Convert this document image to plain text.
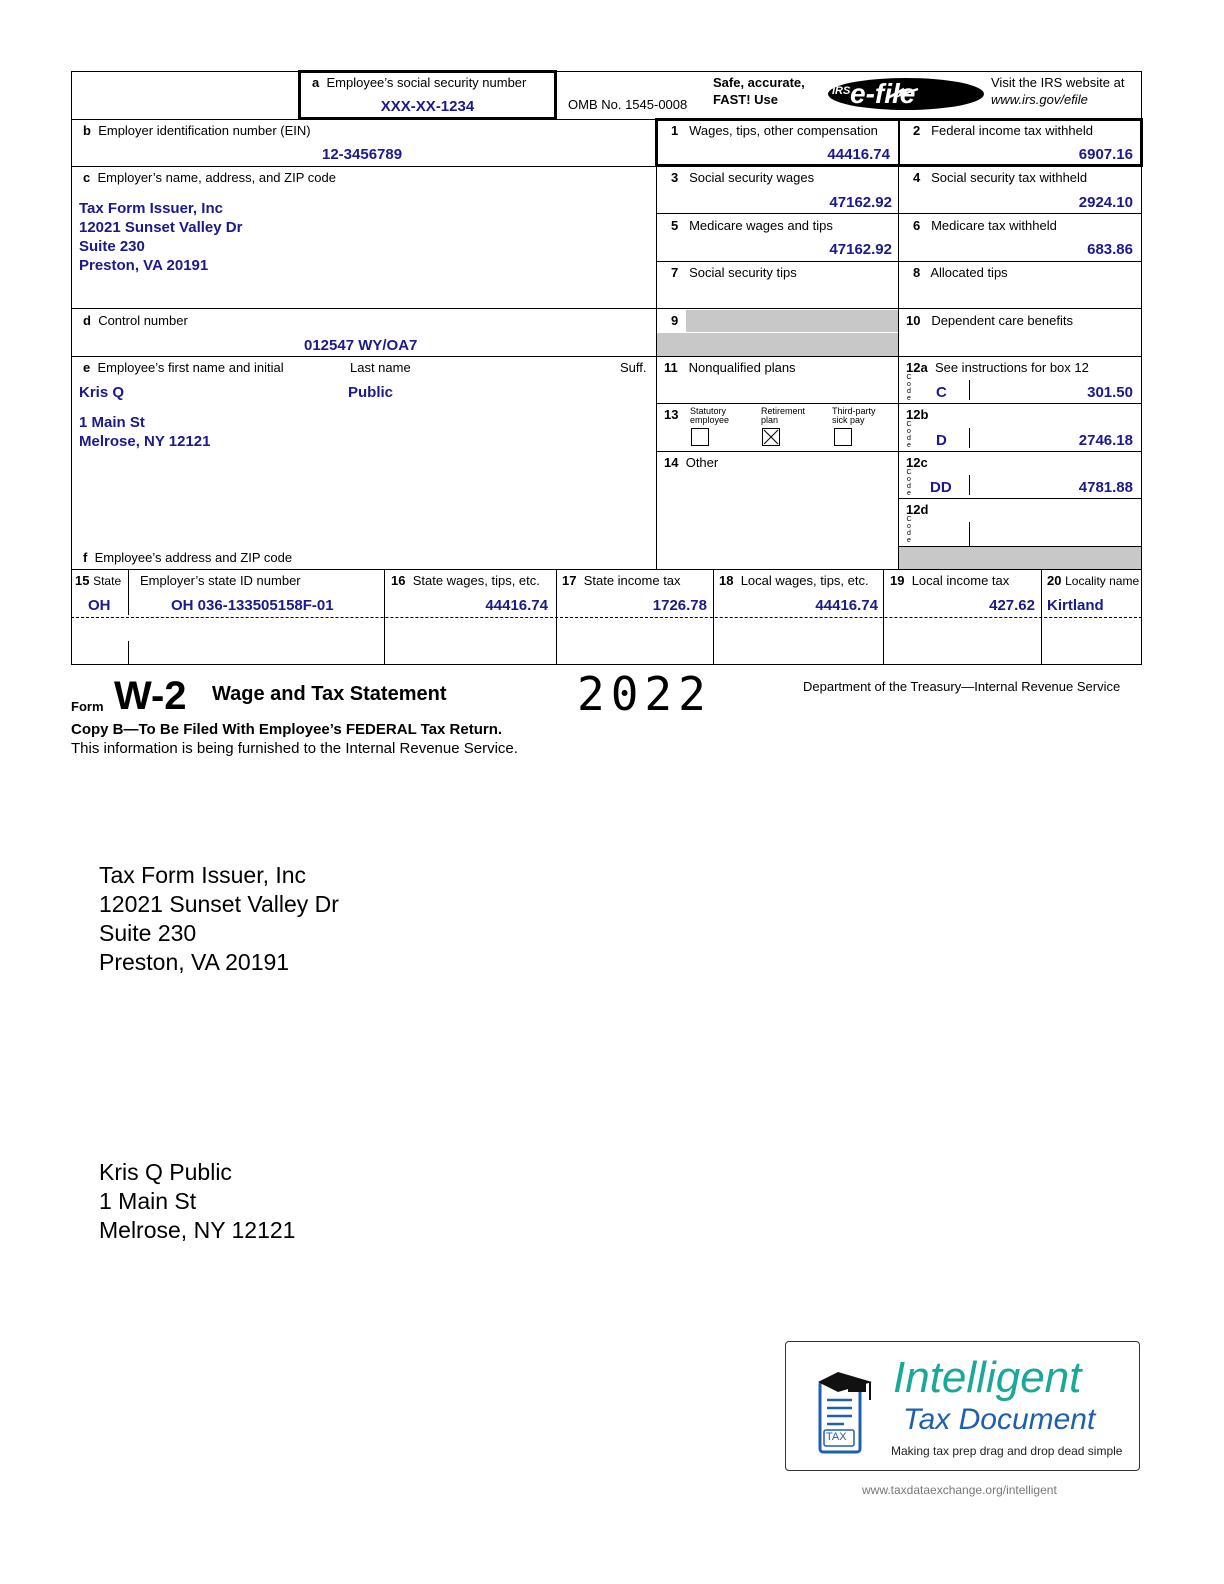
a Employee’s social security number
XXX-XX-1234	OMB No. 1545-0008
Safe, accurate,
FAST! Use
IRS e-file	Visit the IRS website at
www.irs.gov/efile
b Employer identification number (EIN)
12-3456789
1 Wages, tips, other compensation
44416.74
2 Federal income tax withheld
6907.16
c Employer’s name, address, and ZIP code
Tax Form Issuer, Inc
12021 Sunset Valley Dr
Suite 230
Preston, VA 20191
3 Social security wages
47162.92
4 Social security tax withheld
2924.10
5 Medicare wages and tips
47162.92
6 Medicare tax withheld
683.86
7 Social security tips	8 Allocated tips
d Control number
012547 WY/OA7
9	10 Dependent care benefits
e Employee’s first name and initial	Last name	Suff.
Kris Q	Public
1 Main St
Melrose, NY 12121
f Employee’s address and ZIP code
11 Nonqualified plans	12a See instructions for box 12
C
o
d
e C	301.50
12b
C
o
d
e D	2746.18
12c
C
o
d
e DD	4781.88
12d
C
o
d
e
13 Statutory
employee
Retirement
plan
Third-party
sick pay
14 Other
15 State Employer’s state ID number
OH	OH 036-133505158F-01
16 State wages, tips, etc.
44416.74
17 State income tax
1726.78
18 Local wages, tips, etc.
44416.74
19 Local income tax
427.62
20 Locality name
Kirtland
Form W-2 Wage and Tax Statement	2022	Department of the Treasury—Internal Revenue Service
Copy B—To Be Filed With Employee’s FEDERAL Tax Return.
This information is being furnished to the Internal Revenue Service.
Tax Form Issuer, Inc
12021 Sunset Valley Dr
Suite 230
Preston, VA 20191
Kris Q Public
1 Main St
Melrose, NY 12121
TAX
Intelligent
Tax Document
Making tax prep drag and drop dead simple
www.taxdataexchange.org/intelligent
